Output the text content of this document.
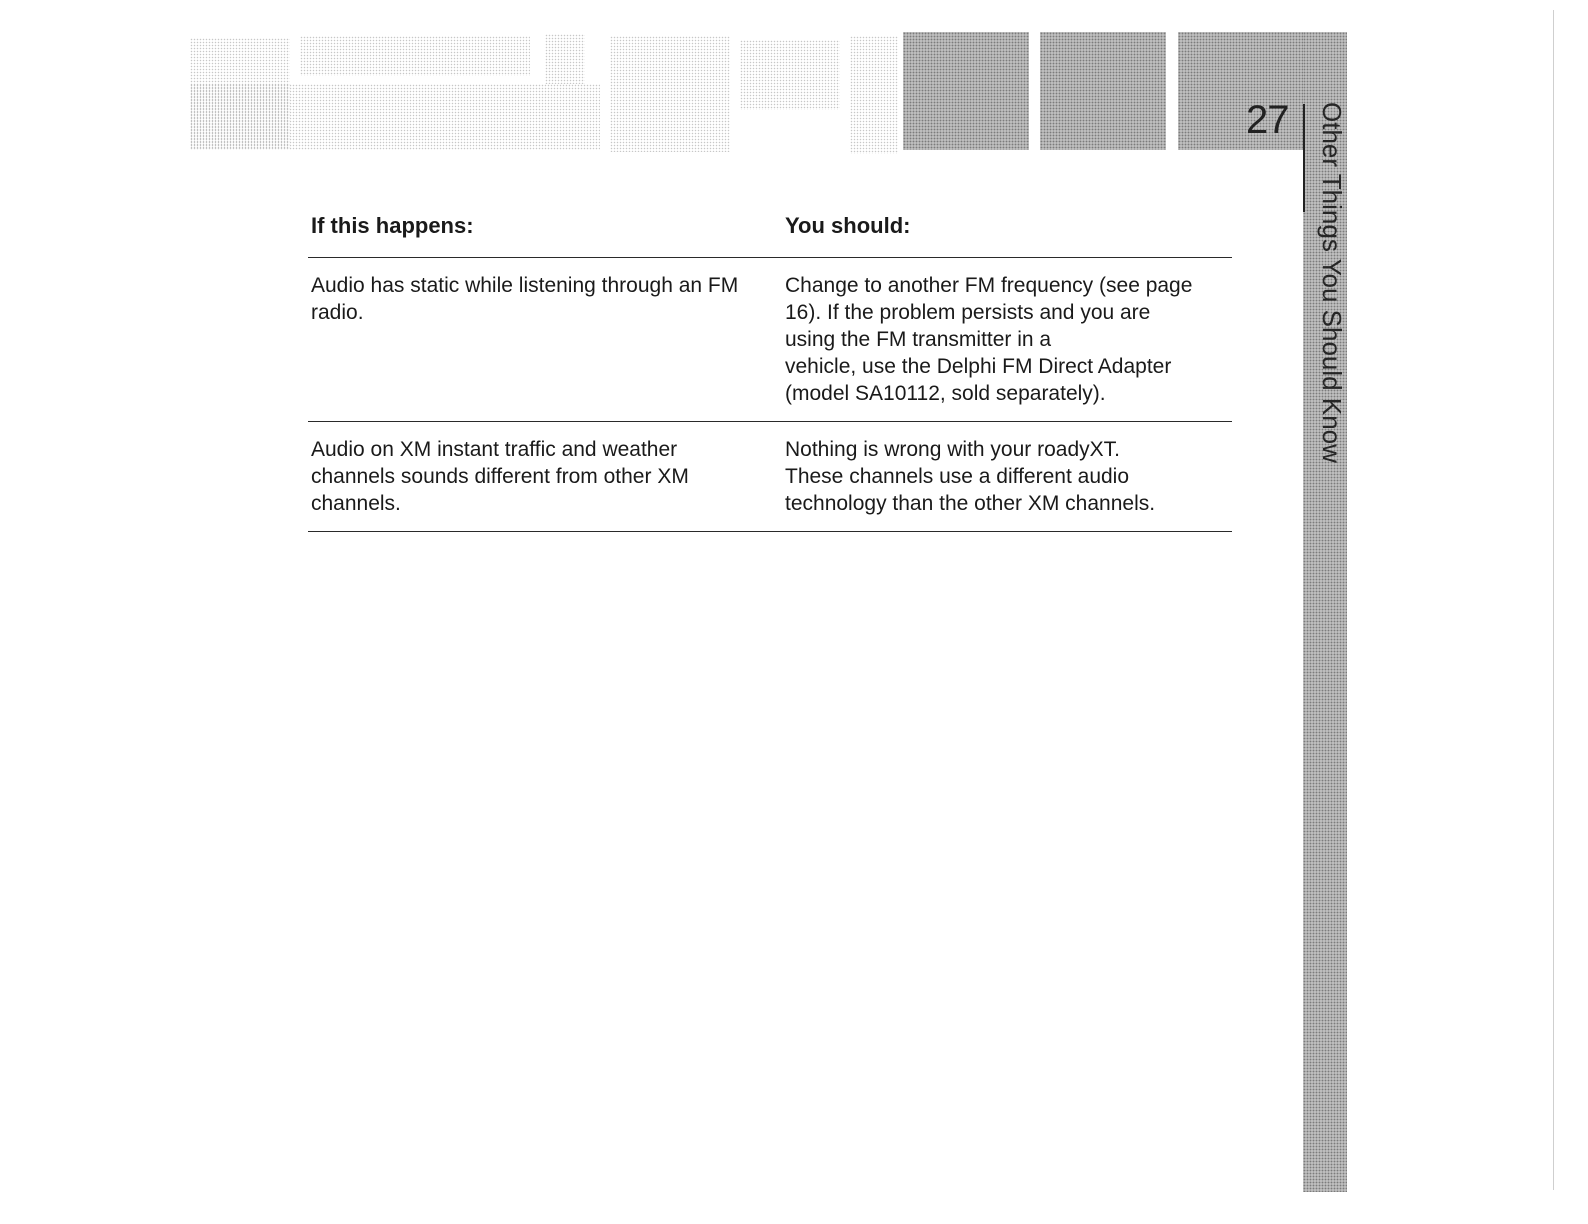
27	Other Things You Should Know
If this happens:	You should:
Audio has static while listening through an FM radio.	Change to another FM frequency (see page
16). If the problem persists and you are
using the FM transmitter in a
vehicle, use the Delphi FM Direct Adapter
(model SA10112, sold separately).

Audio on XM instant traffic and weather channels sounds different from other XM channels.	Nothing is wrong with your roadyXT.
These channels use a different audio
technology than the other XM channels.
